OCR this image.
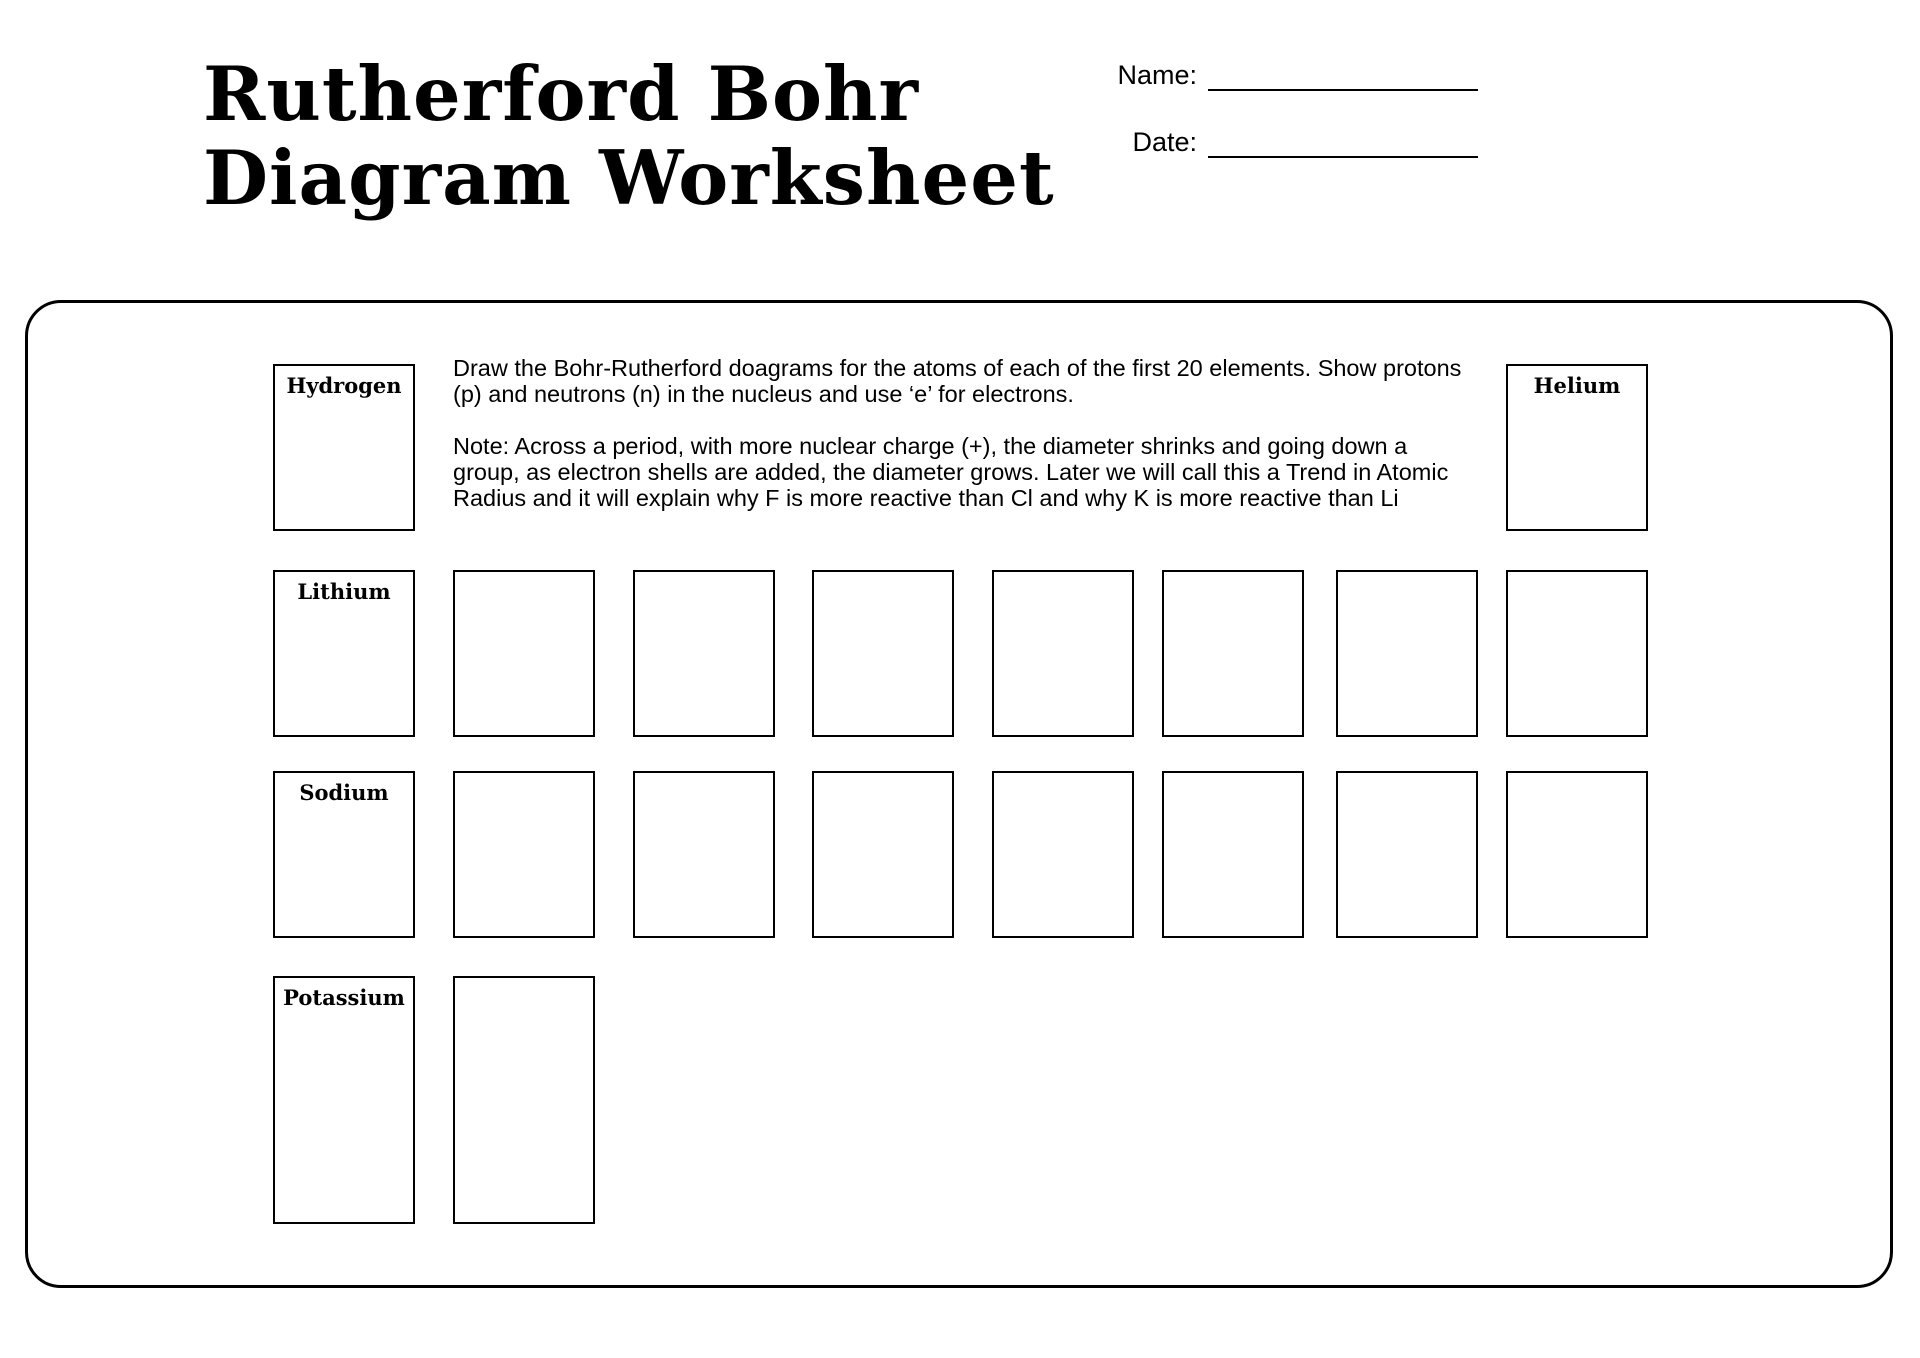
Rutherford Bohr
Diagram Worksheet
Name:
Date:

Draw the Bohr-Rutherford doagrams for the atoms of each of the first 20 elements. Show protons (p) and neutrons (n) in the nucleus and use ‘e’ for electrons.

Note: Across a period, with more nuclear charge (+), the diameter shrinks and going down a group, as electron shells are added, the diameter grows. Later we will call this a Trend in Atomic Radius and it will explain why F is more reactive than Cl and why K is more reactive than Li

Hydrogen	Helium
Lithium
Sodium
Potassium
